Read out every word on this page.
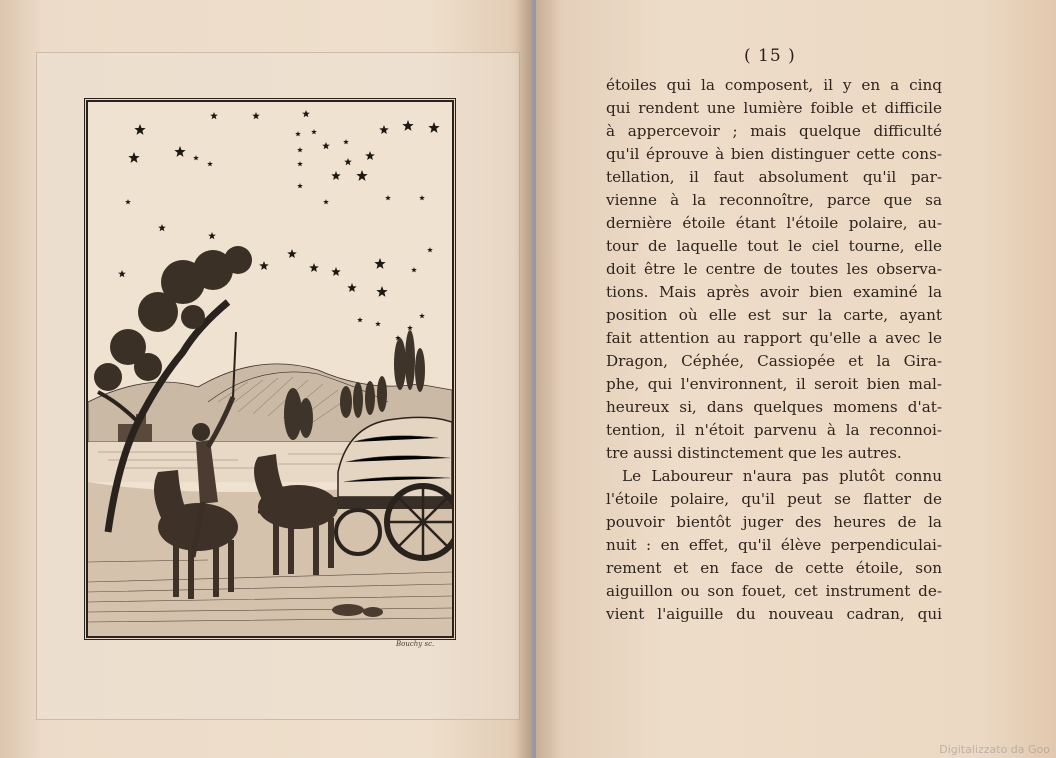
Bouchy sc.
( 15 )
étoiles qui la composent, il y en a cinq
qui rendent une lumière foible et difficile
à appercevoir ; mais quelque difficulté
qu'il éprouve à bien distinguer cette cons-
tellation, il faut absolument qu'il par-
vienne à la reconnoître, parce que sa
dernière étoile étant l'étoile polaire, au-
tour de laquelle tout le ciel tourne, elle
doit être le centre de toutes les observa-
tions. Mais après avoir bien examiné la
position où elle est sur la carte, ayant
fait attention au rapport qu'elle a avec le
Dragon, Céphée, Cassiopée et la Gira-
phe, qui l'environnent, il seroit bien mal-
heureux si, dans quelques momens d'at-
tention, il n'étoit parvenu à la reconnoi-
tre aussi distinctement que les autres.
Le Laboureur n'aura pas plutôt connu
l'étoile polaire, qu'il peut se flatter de
pouvoir bientôt juger des heures de la
nuit : en effet, qu'il élève perpendiculai-
rement et en face de cette étoile, son
aiguillon ou son fouet, cet instrument de-
vient l'aiguille du nouveau cadran, qui
Digitalizzato da Goo
